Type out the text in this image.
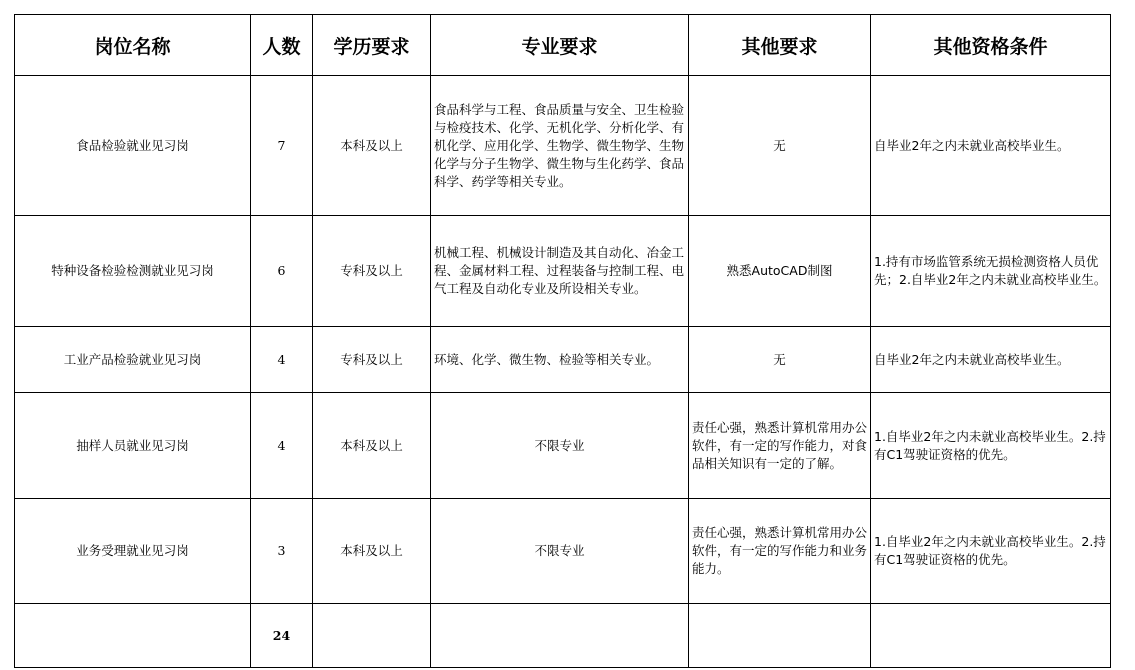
岗位名称	人数	学历要求	专业要求	其他要求	其他资格条件
食品检验就业见习岗	7	本科及以上	食品科学与工程、食品质量与安全、卫生检验与检疫技术、化学、无机化学、分析化学、有机化学、应用化学、生物学、微生物学、生物化学与分子生物学、微生物与生化药学、食品科学、药学等相关专业。	无	自毕业2年之内未就业高校毕业生。
特种设备检验检测就业见习岗	6	专科及以上	机械工程、机械设计制造及其自动化、冶金工程、金属材料工程、过程装备与控制工程、电气工程及自动化专业及所设相关专业。	熟悉AutoCAD制图	1.持有市场监管系统无损检测资格人员优先；2.自毕业2年之内未就业高校毕业生。
工业产品检验就业见习岗	4	专科及以上	环境、化学、微生物、检验等相关专业。	无	自毕业2年之内未就业高校毕业生。
抽样人员就业见习岗	4	本科及以上	不限专业	责任心强，熟悉计算机常用办公软件，有一定的写作能力，对食品相关知识有一定的了解。	1.自毕业2年之内未就业高校毕业生。2.持有C1驾驶证资格的优先。
业务受理就业见习岗	3	本科及以上	不限专业	责任心强，熟悉计算机常用办公软件，有一定的写作能力和业务能力。	1.自毕业2年之内未就业高校毕业生。2.持有C1驾驶证资格的优先。
	24				
